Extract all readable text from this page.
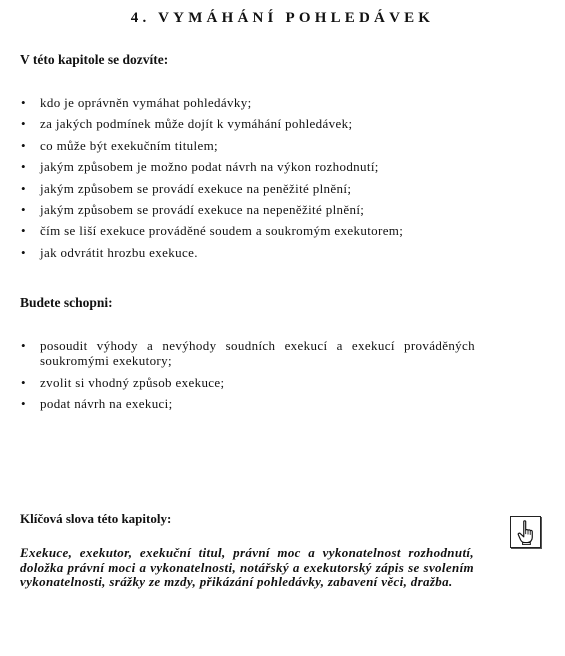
4. VYMÁHÁNÍ POHLEDÁVEK
V této kapitole se dozvíte:
• kdo je oprávněn vymáhat pohledávky;
• za jakých podmínek může dojít k vymáhání pohledávek;
• co může být exekučním titulem;
• jakým způsobem je možno podat návrh na výkon rozhodnutí;
• jakým způsobem se provádí exekuce na peněžité plnění;
• jakým způsobem se provádí exekuce na nepeněžité plnění;
• čím se liší exekuce prováděné soudem a soukromým exekutorem;
• jak odvrátit hrozbu exekuce.
Budete schopni:
• posoudit výhody a nevýhody soudních exekucí a exekucí prováděných soukromými exekutory;
• zvolit si vhodný způsob exekuce;
• podat návrh na exekuci;
Klíčová slova této kapitoly:
Exekuce, exekutor, exekuční titul, právní moc a vykonatelnost rozhodnutí, doložka právní moci a vykonatelnosti, notářský a exekutorský zápis se svolením vykonatelnosti, srážky ze mzdy, přikázání pohledávky, zabavení věci, dražba.
